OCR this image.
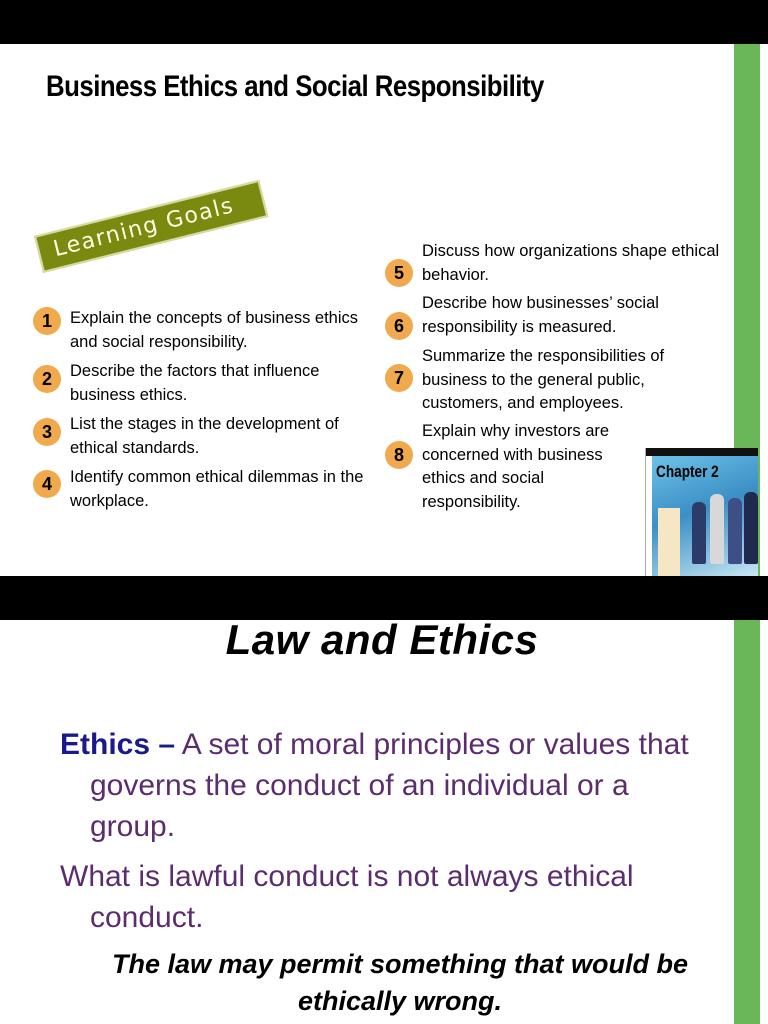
Business Ethics and Social Responsibility
Learning Goals
1	Explain the concepts of business ethics and social responsibility.
2	Describe the factors that influence business ethics.
3	List the stages in the development of ethical standards.
4	Identify common ethical dilemmas in the workplace.
5
Discuss how organizations shape ethical behavior.
6
Describe how businesses’ social responsibility is measured.
7
Summarize the responsibilities of business to the general public, customers, and employees.
8
Explain why investors are concerned with business ethics and social responsibility.
Chapter 2
Law and Ethics
Ethics – A set of moral principles or values that governs the conduct of an individual or a group.
What is lawful conduct is not always ethical conduct.
The law may permit something that would be ethically wrong.
